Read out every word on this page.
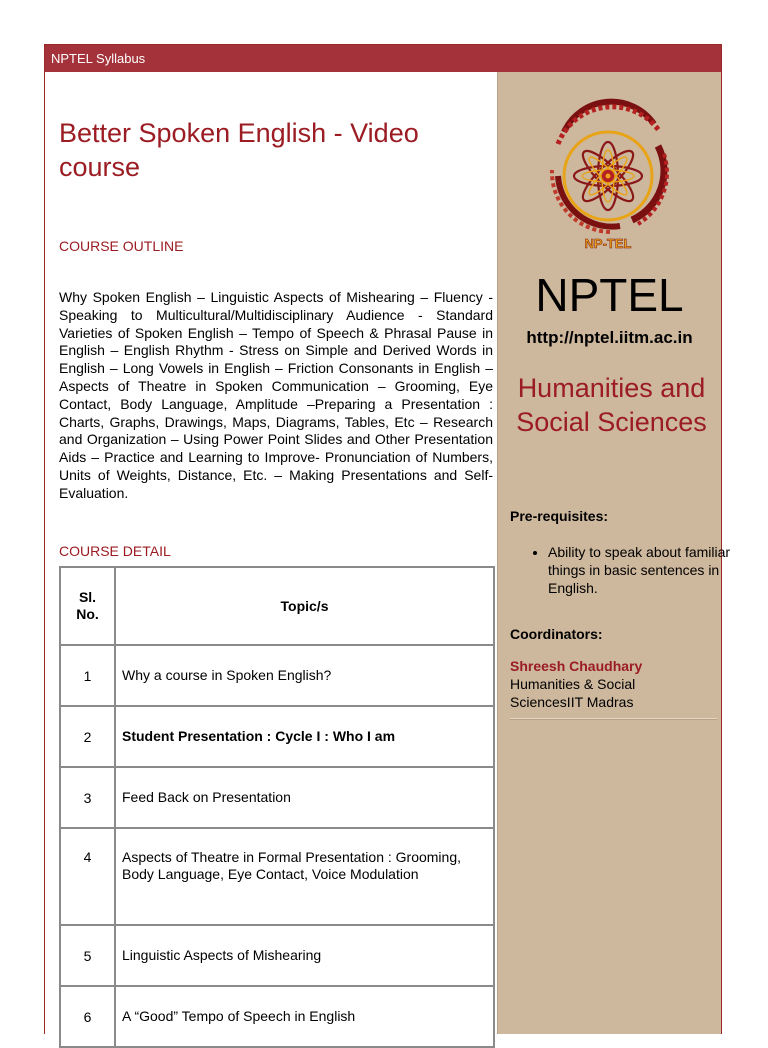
NPTEL Syllabus
Better Spoken English - Video course
COURSE OUTLINE

Why Spoken English – Linguistic Aspects of Mishearing – Fluency - Speaking to Multicultural/Multidisciplinary Audience - Standard Varieties of Spoken English – Tempo of Speech & Phrasal Pause in English – English Rhythm - Stress on Simple and Derived Words in English – Long Vowels in English – Friction Consonants in English – Aspects of Theatre in Spoken Communication – Grooming, Eye Contact, Body Language, Amplitude –Preparing a Presentation : Charts, Graphs, Drawings, Maps, Diagrams, Tables, Etc – Research and Organization – Using Power Point Slides and Other Presentation Aids – Practice and Learning to Improve- Pronunciation of Numbers, Units of Weights, Distance, Etc. – Making Presentations and Self-Evaluation.

COURSE DETAIL
Sl. No.	Topic/s
1	Why a course in Spoken English?
2	Student Presentation : Cycle I : Who I am
3	Feed Back on Presentation
4	Aspects of Theatre in Formal Presentation : Grooming, Body Language, Eye Contact, Voice Modulation
5	Linguistic Aspects of Mishearing
6	A “Good” Tempo of Speech in English
NP-TEL
NPTEL
http://nptel.iitm.ac.in
Humanities and Social Sciences
Pre-requisites:
• Ability to speak about familiar things in basic sentences in English.
Coordinators:
Shreesh Chaudhary
Humanities & Social SciencesIIT Madras
